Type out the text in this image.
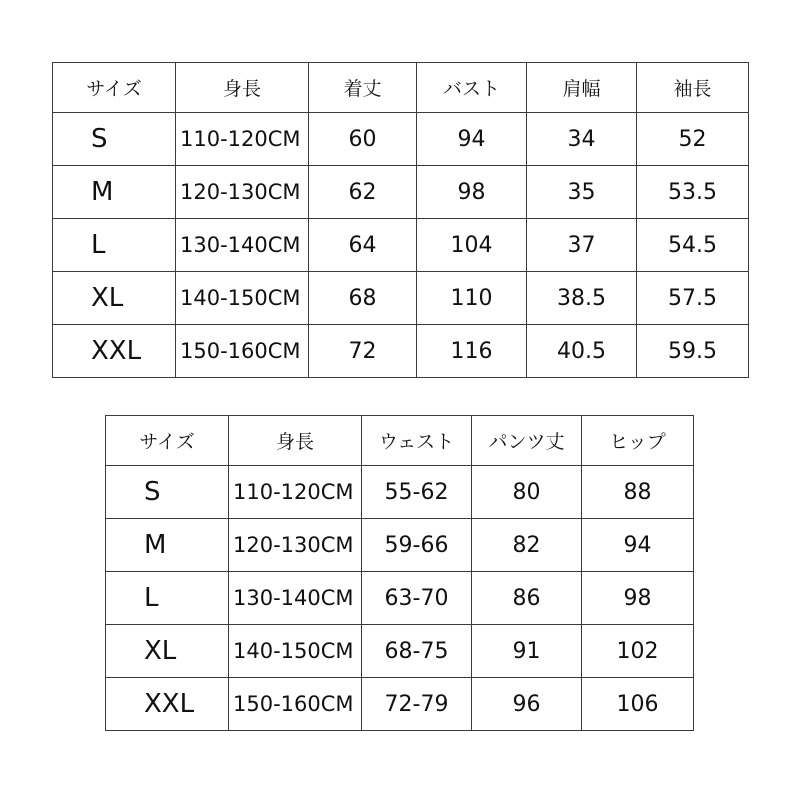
サイズ	身長	着丈	バスト	肩幅	袖長
S	110-120CM	60	94	34	52
M	120-130CM	62	98	35	53.5
L	130-140CM	64	104	37	54.5
XL	140-150CM	68	110	38.5	57.5
XXL	150-160CM	72	116	40.5	59.5
サイズ	身長	ウェスト	パンツ丈	ヒップ
S	110-120CM	55-62	80	88
M	120-130CM	59-66	82	94
L	130-140CM	63-70	86	98
XL	140-150CM	68-75	91	102
XXL	150-160CM	72-79	96	106
